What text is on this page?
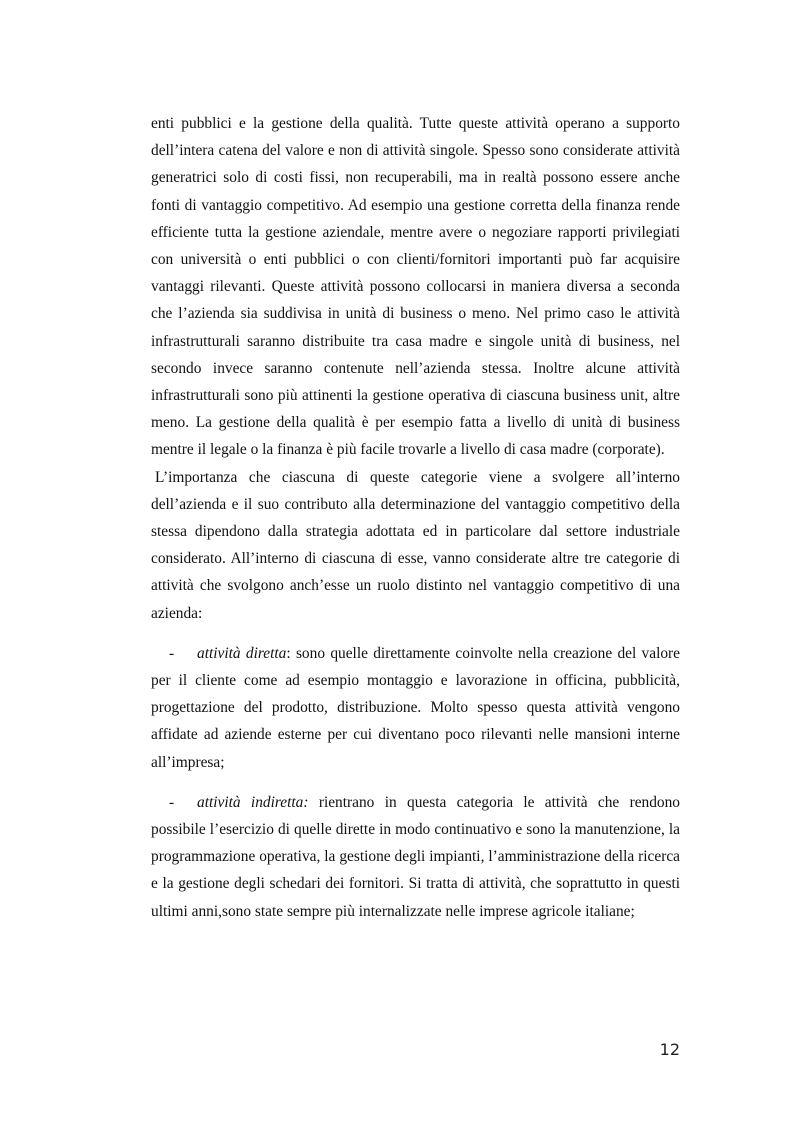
enti pubblici e la gestione della qualità. Tutte queste attività operano a supporto dell’intera catena del valore e non di attività singole. Spesso sono considerate attività generatrici solo di costi fissi, non recuperabili, ma in realtà possono essere anche fonti di vantaggio competitivo. Ad esempio una gestione corretta della finanza rende efficiente tutta la gestione aziendale, mentre avere o negoziare rapporti privilegiati con università o enti pubblici o con clienti/fornitori importanti può far acquisire vantaggi rilevanti. Queste attività possono collocarsi in maniera diversa a seconda che l’azienda sia suddivisa in unità di business o meno. Nel primo caso le attività infrastrutturali saranno distribuite tra casa madre e singole unità di business, nel secondo invece saranno contenute nell’azienda stessa. Inoltre alcune attività infrastrutturali sono più attinenti la gestione operativa di ciascuna business unit, altre meno. La gestione della qualità è per esempio fatta a livello di unità di business mentre il legale o la finanza è più facile trovarle a livello di casa madre (corporate).

L’importanza che ciascuna di queste categorie viene a svolgere all’interno dell’azienda e il suo contributo alla determinazione del vantaggio competitivo della stessa dipendono dalla strategia adottata ed in particolare dal settore industriale considerato. All’interno di ciascuna di esse, vanno considerate altre tre categorie di attività che svolgono anch’esse un ruolo distinto nel vantaggio competitivo di una azienda:

- attività diretta: sono quelle direttamente coinvolte nella creazione del valore per il cliente come ad esempio montaggio e lavorazione in officina, pubblicità, progettazione del prodotto, distribuzione. Molto spesso questa attività vengono affidate ad aziende esterne per cui diventano poco rilevanti nelle mansioni interne all’impresa;

- attività indiretta: rientrano in questa categoria le attività che rendono possibile l’esercizio di quelle dirette in modo continuativo e sono la manutenzione, la programmazione operativa, la gestione degli impianti, l’amministrazione della ricerca e la gestione degli schedari dei fornitori. Si tratta di attività, che soprattutto in questi ultimi anni,sono state sempre più internalizzate nelle imprese agricole italiane;

12
